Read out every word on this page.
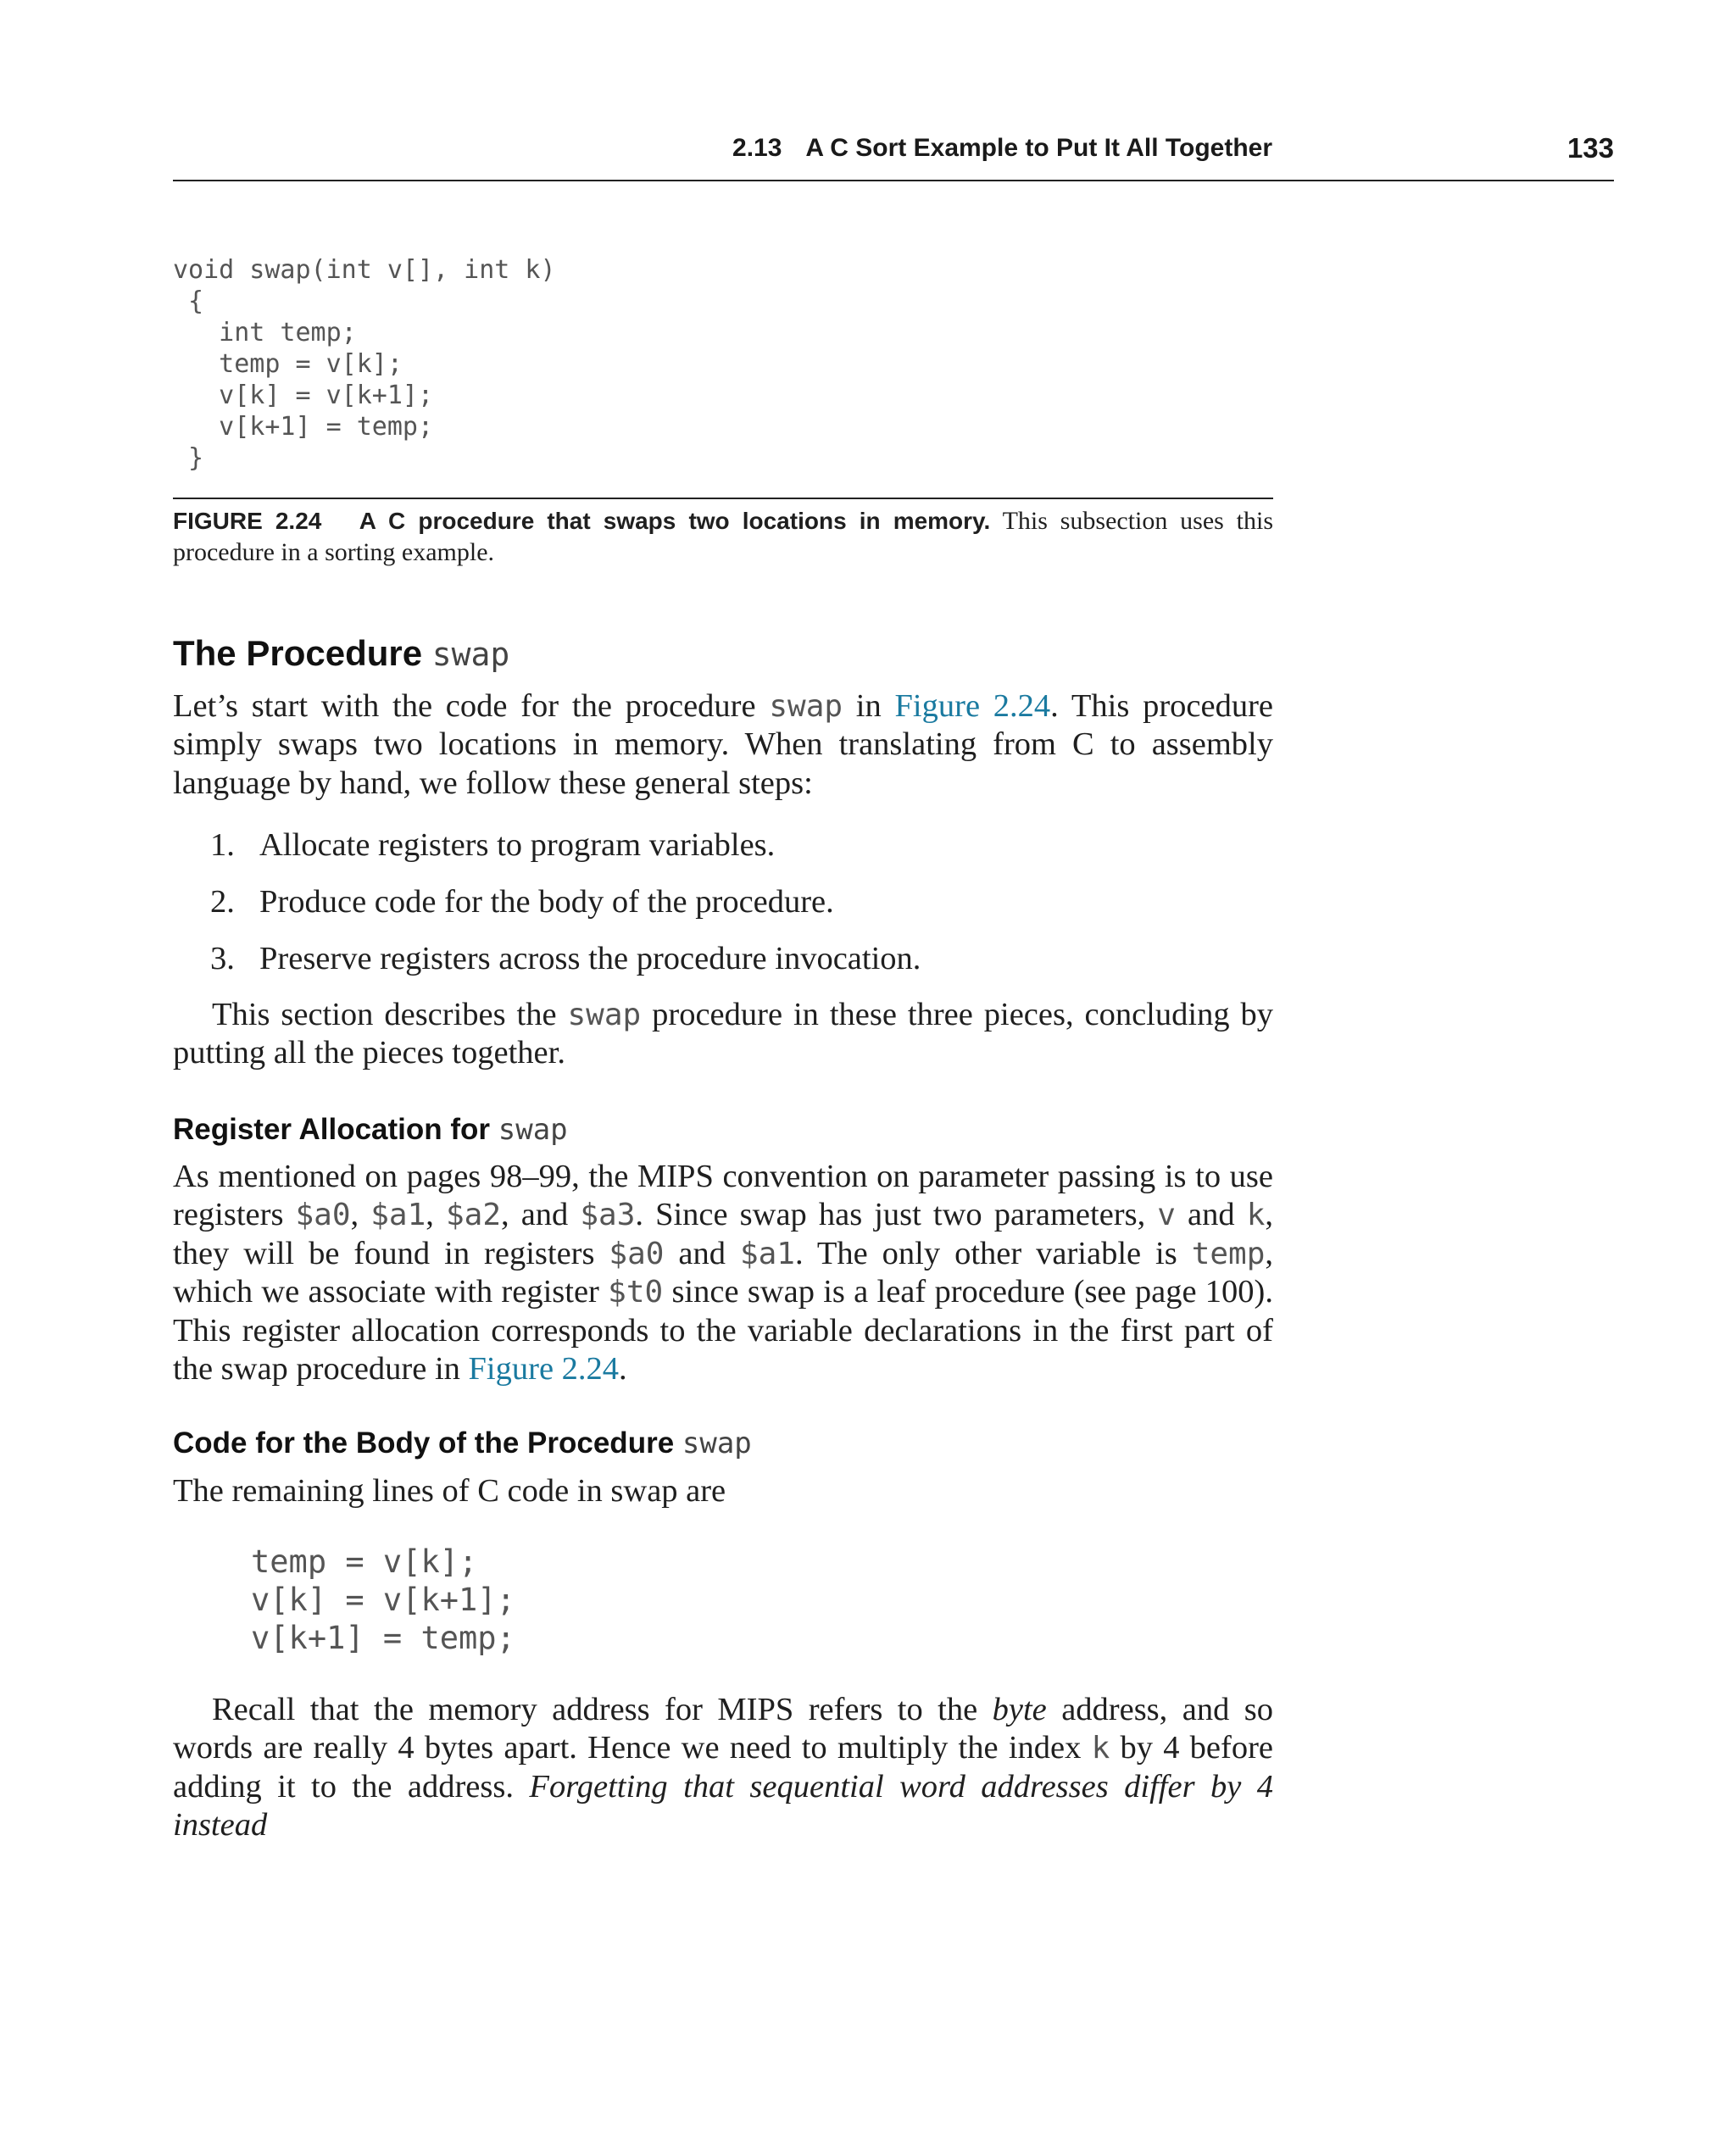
2.13 A C Sort Example to Put It All Together	133
void swap(int v[], int k)
{
int temp;
temp = v[k];
v[k] = v[k+1];
v[k+1] = temp;
}

FIGURE 2.24 A C procedure that swaps two locations in memory. This subsection uses this procedure in a sorting example.

The Procedure swap

Let’s start with the code for the procedure swap in Figure 2.24. This procedure simply swaps two locations in memory. When translating from C to assembly language by hand, we follow these general steps:

1. Allocate registers to program variables.
2. Produce code for the body of the procedure.
3. Preserve registers across the procedure invocation.

This section describes the swap procedure in these three pieces, concluding by putting all the pieces together.

Register Allocation for swap

As mentioned on pages 98–99, the MIPS convention on parameter passing is to use registers $a0, $a1, $a2, and $a3. Since swap has just two parameters, v and k, they will be found in registers $a0 and $a1. The only other variable is temp, which we associate with register $t0 since swap is a leaf procedure (see page 100). This register allocation corresponds to the variable declarations in the first part of the swap procedure in Figure 2.24.

Code for the Body of the Procedure swap

The remaining lines of C code in swap are

temp = v[k];
v[k] = v[k+1];
v[k+1] = temp;

Recall that the memory address for MIPS refers to the byte address, and so words are really 4 bytes apart. Hence we need to multiply the index k by 4 before adding it to the address. Forgetting that sequential word addresses differ by 4 instead
